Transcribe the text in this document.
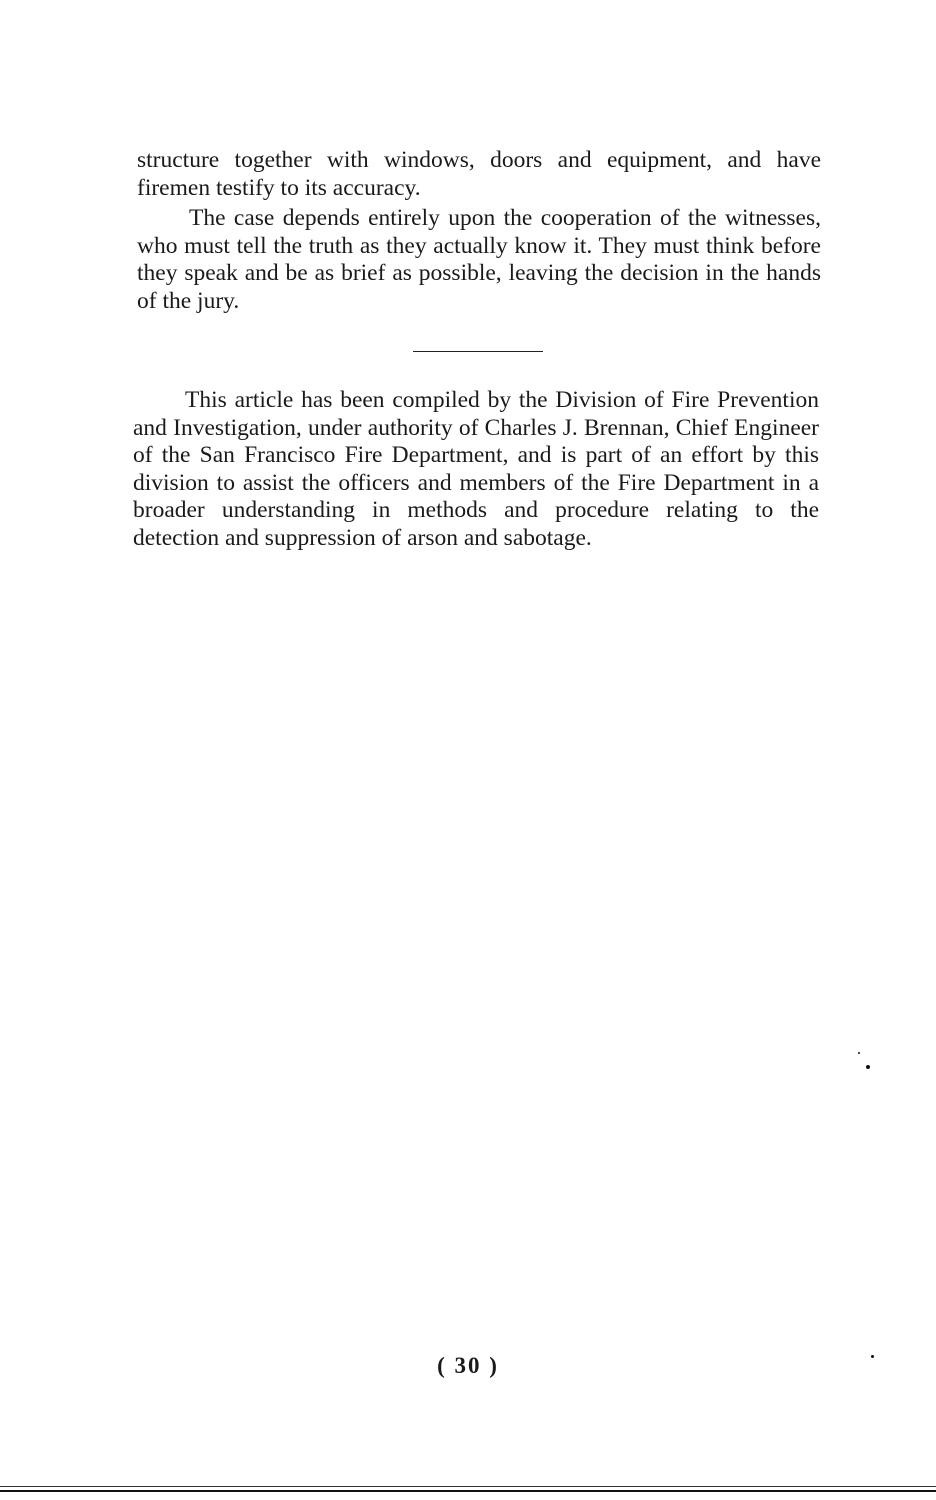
structure together with windows, doors and equipment, and have firemen testify to its accuracy.

The case depends entirely upon the cooperation of the witnesses, who must tell the truth as they actually know it. They must think before they speak and be as brief as possible, leaving the decision in the hands of the jury.

This article has been compiled by the Division of Fire Prevention and Investigation, under authority of Charles J. Brennan, Chief Engineer of the San Francisco Fire Department, and is part of an effort by this division to assist the officers and members of the Fire Department in a broader understanding in methods and procedure relating to the detection and suppression of arson and sabotage.

( 30 )
